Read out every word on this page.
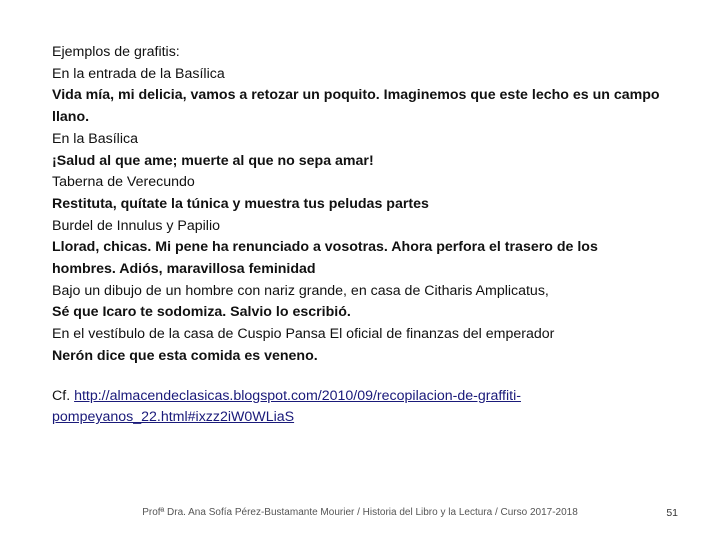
Ejemplos de grafitis:
En la entrada de la Basílica
Vida mía, mi delicia, vamos a retozar un poquito. Imaginemos que este lecho es un campo llano.
En la Basílica
¡Salud al que ame; muerte al que no sepa amar!
Taberna de Verecundo
Restituta, quítate la túnica y muestra tus peludas partes
Burdel de Innulus y Papilio
Llorad, chicas. Mi pene ha renunciado a vosotras. Ahora perfora el trasero de los hombres. Adiós, maravillosa feminidad
Bajo un dibujo de un hombre con nariz grande, en casa de Citharis Amplicatus,
Sé que Icaro te sodomiza. Salvio lo escribió.
En el vestíbulo de la casa de Cuspio Pansa El oficial de finanzas del emperador
Nerón dice que esta comida es veneno.
Cf. http://almacendeclasicas.blogspot.com/2010/09/recopilacion-de-graffiti-pompeyanos_22.html#ixzz2iW0WLiaS
Profª Dra. Ana Sofía Pérez-Bustamante Mourier / Historia del Libro y la Lectura / Curso 2017-2018	51
